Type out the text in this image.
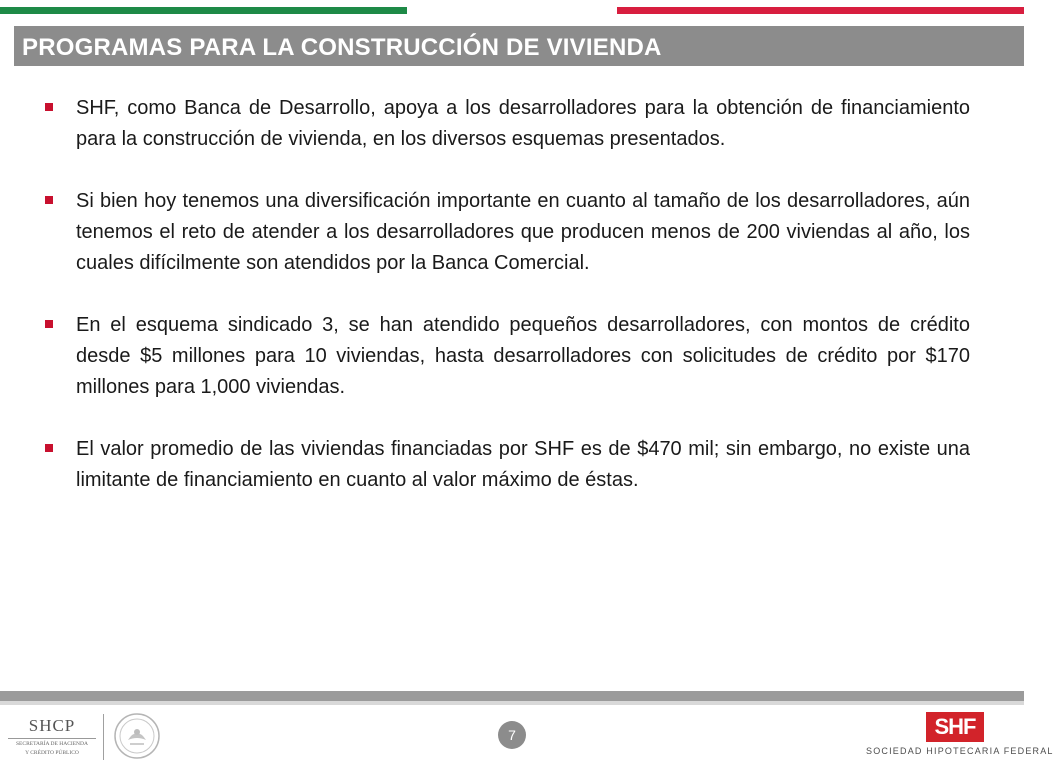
PROGRAMAS PARA LA CONSTRUCCIÓN DE VIVIENDA
SHF, como Banca de Desarrollo, apoya a los desarrolladores para la obtención de financiamiento para la construcción de vivienda, en los diversos esquemas presentados.
Si bien hoy tenemos una diversificación importante en cuanto al tamaño de los desarrolladores, aún tenemos el reto de atender a los desarrolladores que producen menos de 200 viviendas al año, los cuales difícilmente son atendidos por la Banca Comercial.
En el esquema sindicado 3, se han atendido pequeños desarrolladores, con montos de crédito desde $5 millones para 10 viviendas, hasta desarrolladores con solicitudes de crédito por $170 millones para 1,000 viviendas.
El valor promedio de las viviendas financiadas por SHF es de $470 mil; sin embargo, no existe una limitante de financiamiento en cuanto al valor máximo de éstas.
SHCP
SECRETARÍA DE HACIENDA
Y CRÉDITO PÚBLICO
7	SHF
SOCIEDAD HIPOTECARIA FEDERAL
